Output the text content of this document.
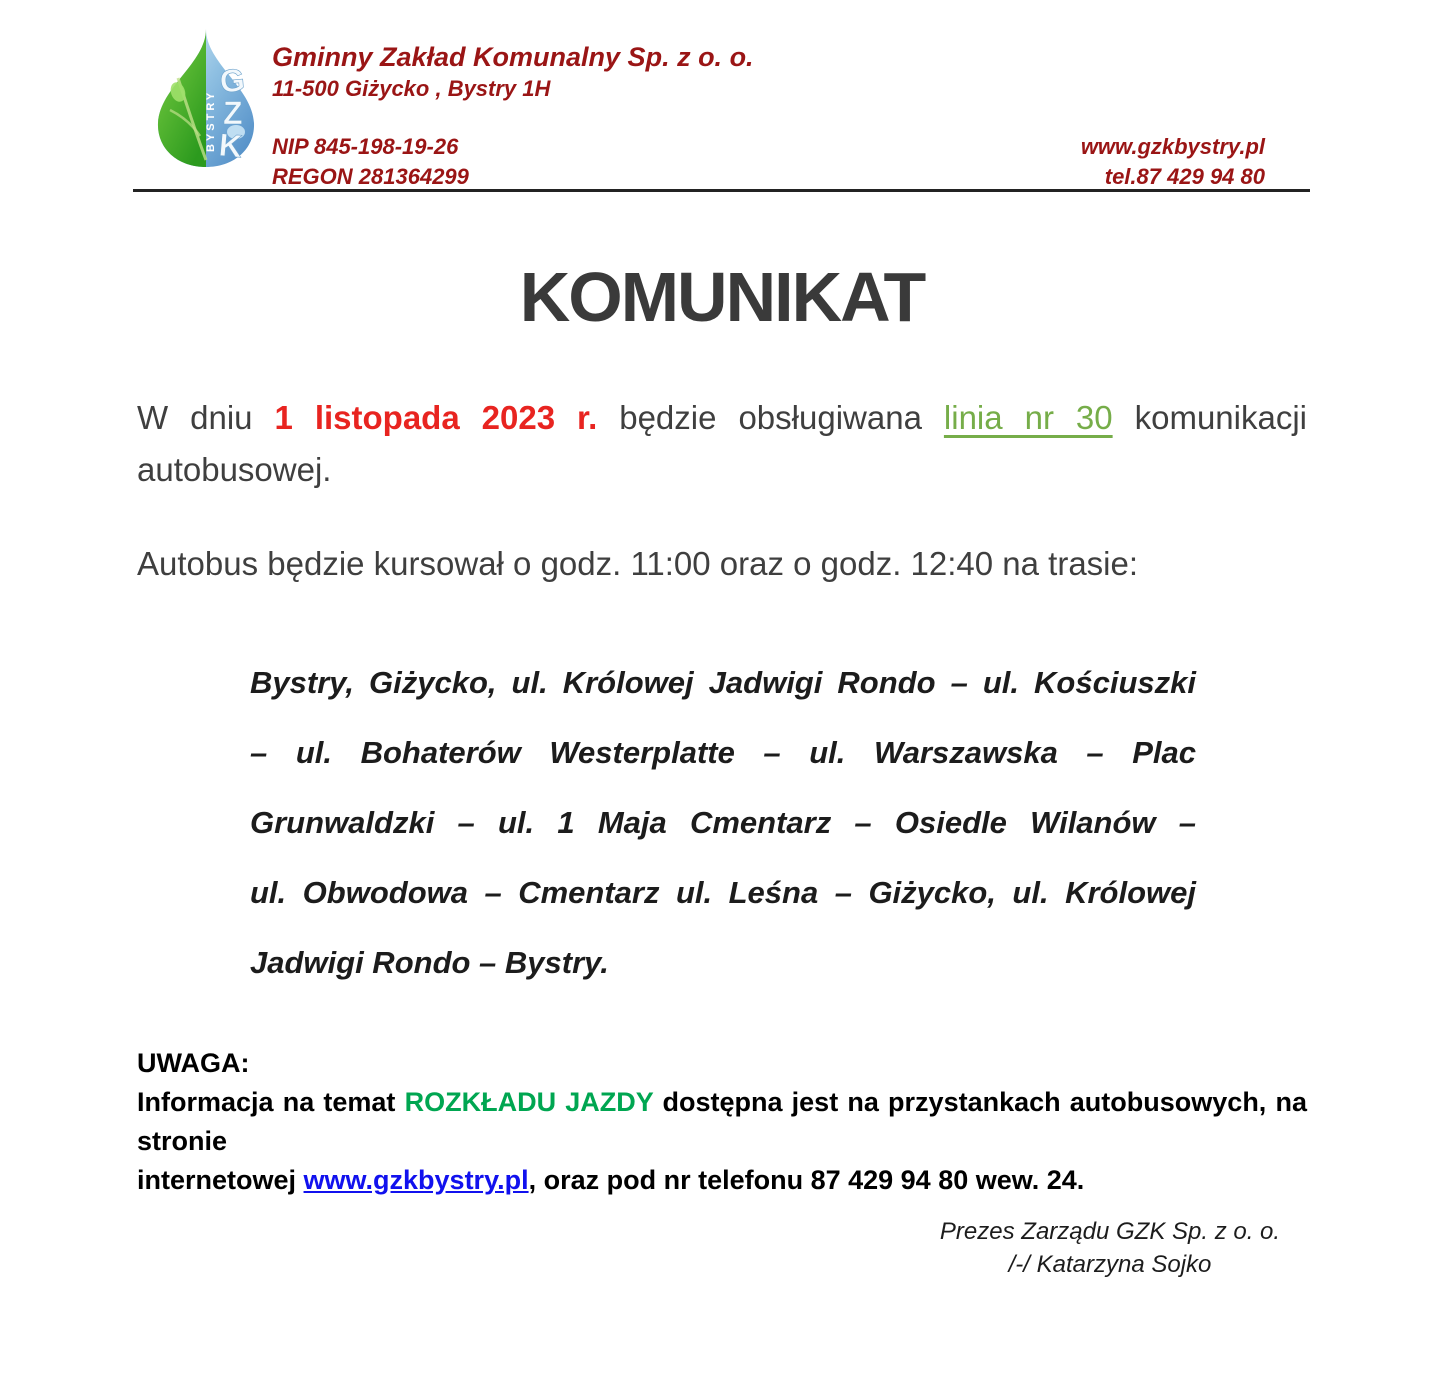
BYSTRY
G
Z
K
Gminny Zakład Komunalny Sp. z o. o.
11-500 Giżycko , Bystry 1H
NIP 845-198-19-26
REGON 281364299
www.gzkbystry.pl
tel.87 429 94 80
KOMUNIKAT
W dniu 1 listopada 2023 r. będzie obsługiwana linia nr 30 komunikacji
autobusowej.
Autobus będzie kursował o godz. 11:00 oraz o godz. 12:40 na trasie:
Bystry, Giżycko, ul. Królowej Jadwigi Rondo – ul. Kościuszki
– ul. Bohaterów Westerplatte – ul. Warszawska – Plac
Grunwaldzki – ul. 1 Maja Cmentarz – Osiedle Wilanów –
ul. Obwodowa – Cmentarz ul. Leśna – Giżycko, ul. Królowej
Jadwigi Rondo – Bystry.
UWAGA:
Informacja na temat ROZKŁADU JAZDY dostępna jest na przystankach autobusowych, na stronie
internetowej www.gzkbystry.pl, oraz pod nr telefonu 87 429 94 80 wew. 24.
Prezes Zarządu GZK Sp. z o. o.
/-/ Katarzyna Sojko
